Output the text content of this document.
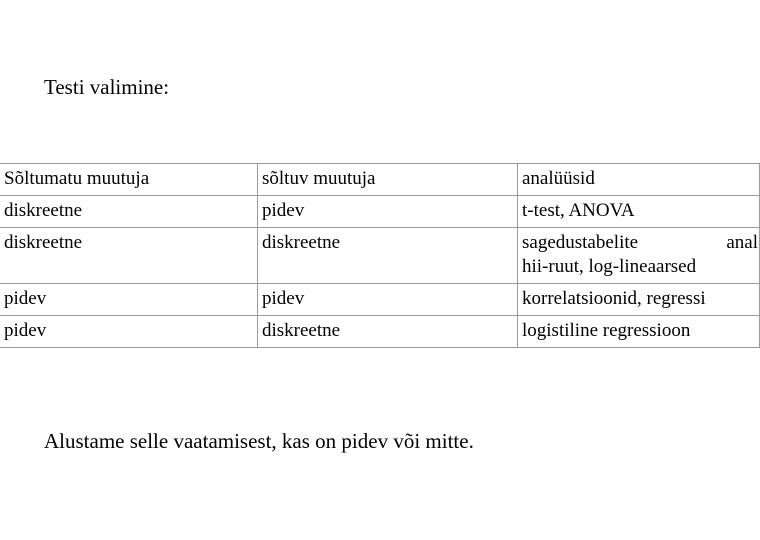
Testi valimine:
Sõltumatu muutuja	sõltuv muutuja	analüüsid
diskreetne	pidev	t-test, ANOVA
diskreetne	diskreetne	sagedustabelite anal
hii-ruut, log-lineaarsed

pidev	pidev	korrelatsioonid, regressi
pidev	diskreetne	logistiline regressioon
Alustame selle vaatamisest, kas on pidev või mitte.
